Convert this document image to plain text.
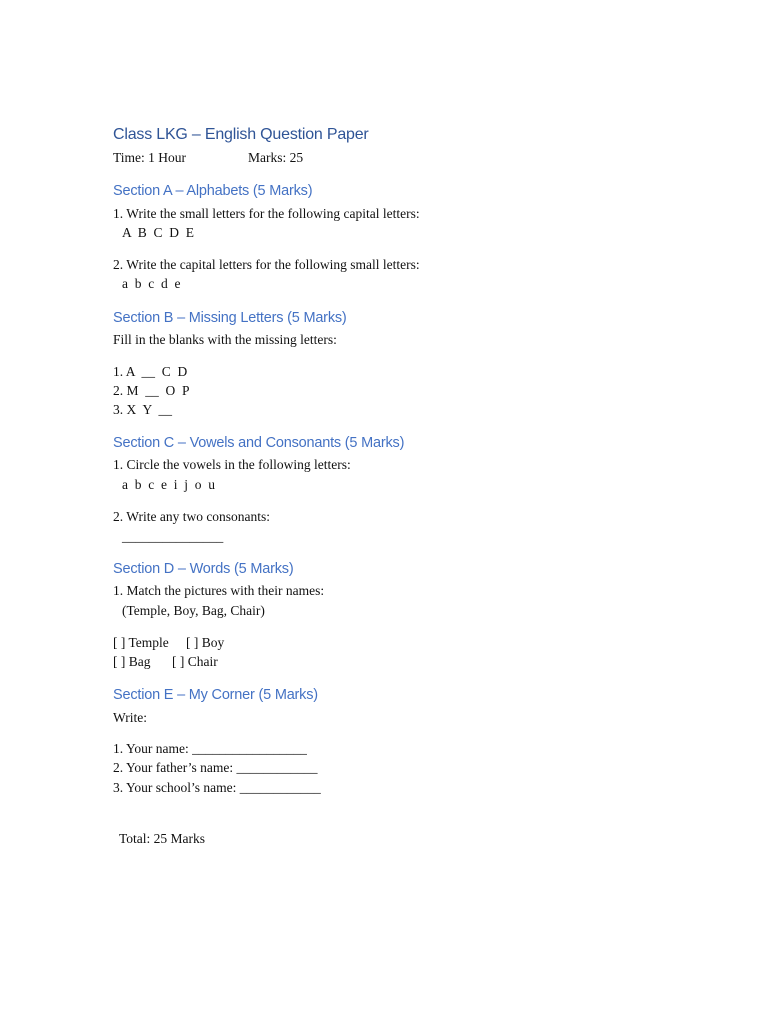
Class LKG – English Question Paper
Time: 1 Hour	Marks: 25
Section A – Alphabets (5 Marks)
1. Write the small letters for the following capital letters:
A  B  C  D  E
2. Write the capital letters for the following small letters:
a  b  c  d  e
Section B – Missing Letters (5 Marks)
Fill in the blanks with the missing letters:
1. A  __  C  D
2. M  __  O  P
3. X  Y  __
Section C – Vowels and Consonants (5 Marks)
1. Circle the vowels in the following letters:
a  b  c  e  i  j  o  u
2. Write any two consonants:
_______________
Section D – Words (5 Marks)
1. Match the pictures with their names:
(Temple, Boy, Bag, Chair)
[ ] Temple [ ] Boy
[ ] Bag [ ] Chair
Section E – My Corner (5 Marks)
Write:
1. Your name: _________________
2. Your father’s name: ____________
3. Your school’s name: ____________
Total: 25 Marks
